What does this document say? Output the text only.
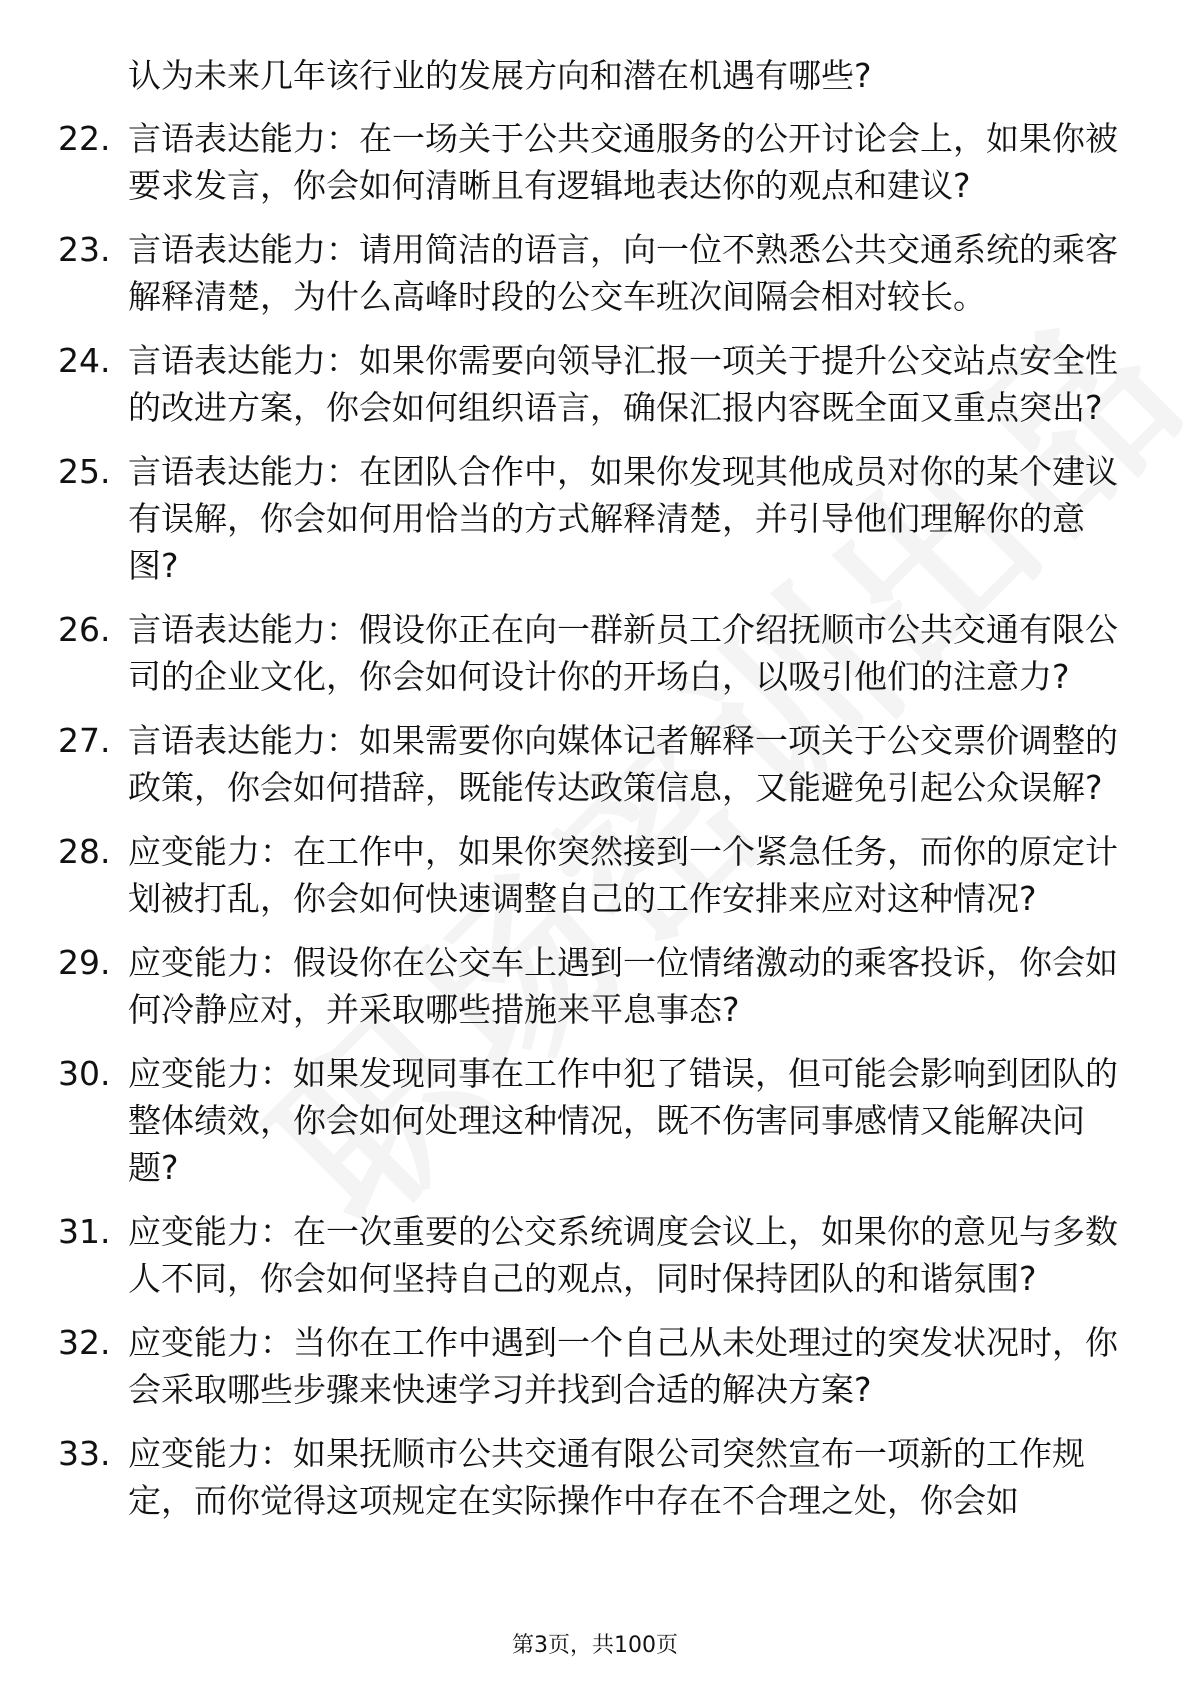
认为未来几年该行业的发展方向和潜在机遇有哪些?
22. 言语表达能力：在一场关于公共交通服务的公开讨论会上，如果你被要求发言，你会如何清晰且有逻辑地表达你的观点和建议?
23. 言语表达能力：请用简洁的语言，向一位不熟悉公共交通系统的乘客解释清楚，为什么高峰时段的公交车班次间隔会相对较长。
24. 言语表达能力：如果你需要向领导汇报一项关于提升公交站点安全性的改进方案，你会如何组织语言，确保汇报内容既全面又重点突出?
25. 言语表达能力：在团队合作中，如果你发现其他成员对你的某个建议有误解，你会如何用恰当的方式解释清楚，并引导他们理解你的意图?
26. 言语表达能力：假设你正在向一群新员工介绍抚顺市公共交通有限公司的企业文化，你会如何设计你的开场白，以吸引他们的注意力?
27. 言语表达能力：如果需要你向媒体记者解释一项关于公交票价调整的政策，你会如何措辞，既能传达政策信息，又能避免引起公众误解?
28. 应变能力：在工作中，如果你突然接到一个紧急任务，而你的原定计划被打乱，你会如何快速调整自己的工作安排来应对这种情况?
29. 应变能力：假设你在公交车上遇到一位情绪激动的乘客投诉，你会如何冷静应对，并采取哪些措施来平息事态?
30. 应变能力：如果发现同事在工作中犯了错误，但可能会影响到团队的整体绩效，你会如何处理这种情况，既不伤害同事感情又能解决问题?
31. 应变能力：在一次重要的公交系统调度会议上，如果你的意见与多数人不同，你会如何坚持自己的观点，同时保持团队的和谐氛围?
32. 应变能力：当你在工作中遇到一个自己从未处理过的突发状况时，你会采取哪些步骤来快速学习并找到合适的解决方案?
33. 应变能力：如果抚顺市公共交通有限公司突然宣布一项新的工作规定，而你觉得这项规定在实际操作中存在不合理之处，你会如
第3页，共100页
